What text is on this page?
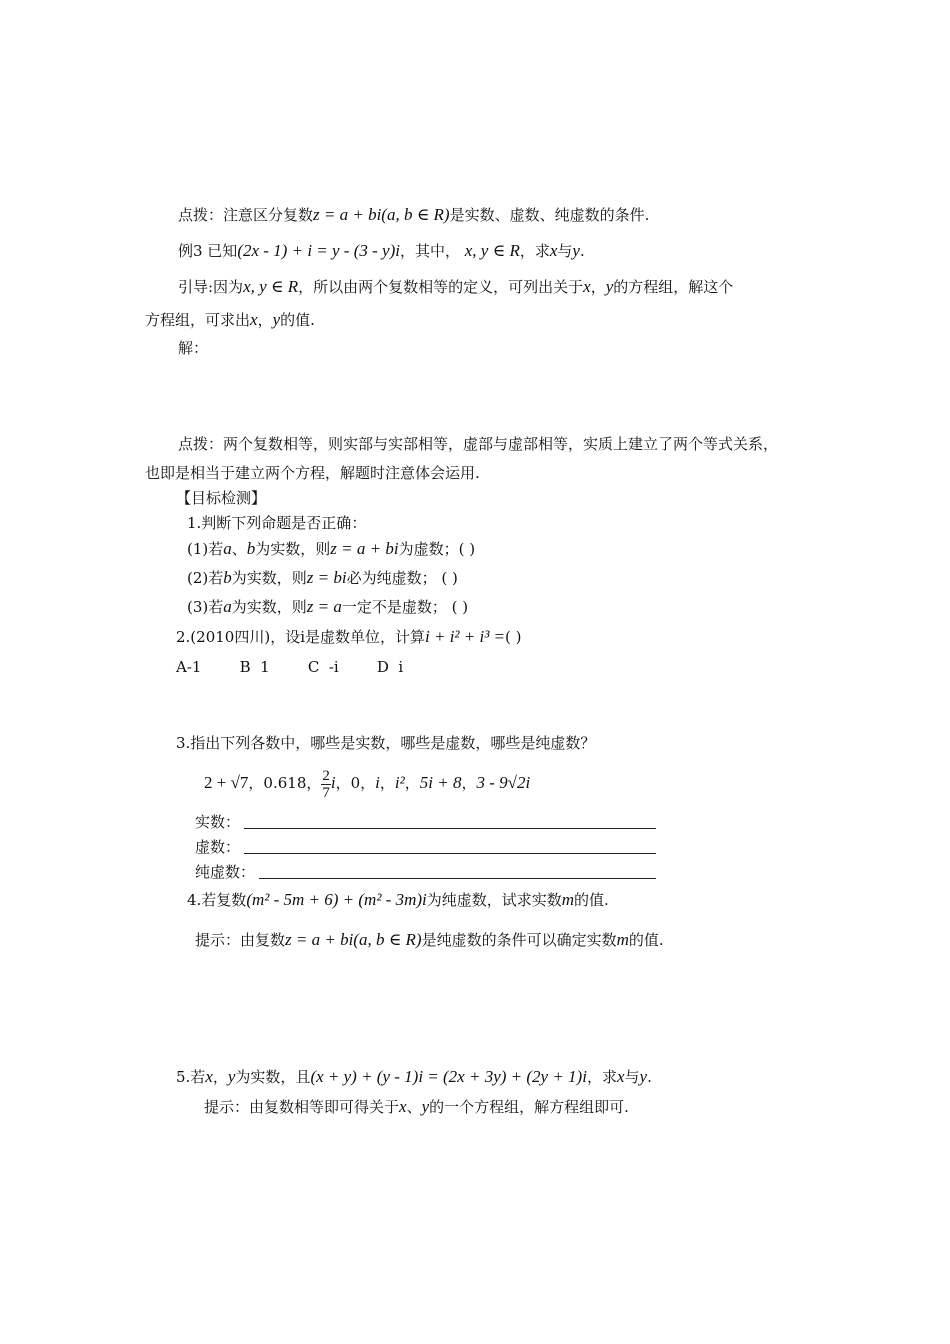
点拨：注意区分复数z = a + bi(a, b ∈ R)是实数、虚数、纯虚数的条件.
例3 已知(2x - 1) + i = y - (3 - y)i，其中， x, y ∈ R，求x与y.
引导:因为x, y ∈ R，所以由两个复数相等的定义，可列出关于x，y的方程组，解这个
方程组，可求出x，y的值.
解：
点拨：两个复数相等，则实部与实部相等，虚部与虚部相等，实质上建立了两个等式关系，
也即是相当于建立两个方程，解题时注意体会运用.
【目标检测】
1.判断下列命题是否正确：
(1)若a、b为实数，则z = a + bi为虚数；( )
(2)若b为实数，则z = bi必为纯虚数； ( )
(3)若a为实数，则z = a一定不是虚数； ( )
2.(2010四川)，设i是虚数单位，计算i + i² + i³ =( )
A-1        B  1        C  -i        D  i
3.指出下列各数中，哪些是实数，哪些是虚数，哪些是纯虚数？
2 + √7，0.618， $\frac{2}{7}$ i，0，i，i²，5i + 8，3 - 9√2i
实数：
虚数：
纯虚数：
4.若复数(m² - 5m + 6) + (m² - 3m)i为纯虚数，试求实数m的值.
提示：由复数z = a + bi(a, b ∈ R)是纯虚数的条件可以确定实数m的值.
5.若x，y为实数，且(x + y) + (y - 1)i = (2x + 3y) + (2y + 1)i，求x与y.
提示：由复数相等即可得关于x、y的一个方程组，解方程组即可.
